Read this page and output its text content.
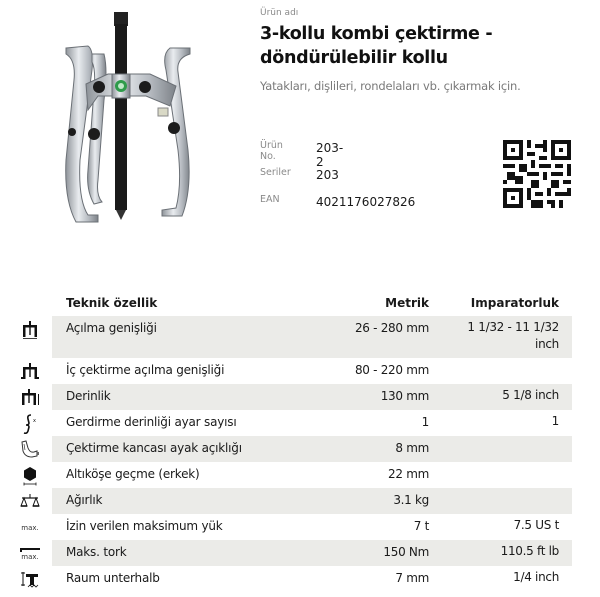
Ürün adı
3-kollu kombi çektirme - döndürülebilir kollu
Yatakları, dişlileri, rondelaları vb. çıkarmak için.
Ürün No.
203-2
Seriler 203
EAN	4021176027826
Teknik özellik	Metrik	Imparatorluk
Açılma genişliği	26 - 280 mm	1 1/32 - 11 1/32 inch
İç çektirme açılma genişliği	80 - 220 mm
Derinlik	130 mm	5 1/8 inch
x	Gerdirme derinliği ayar sayısı	1	1
Çektirme kancası ayak açıklığı	8 mm
Altıköşe geçme (erkek)	22 mm
Ağırlık	3.1 kg
max. İzin verilen maksimum yük	7 t	7.5 US t
max. Maks. tork	150 Nm	110.5 ft lb
Raum unterhalb	7 mm	1/4 inch
